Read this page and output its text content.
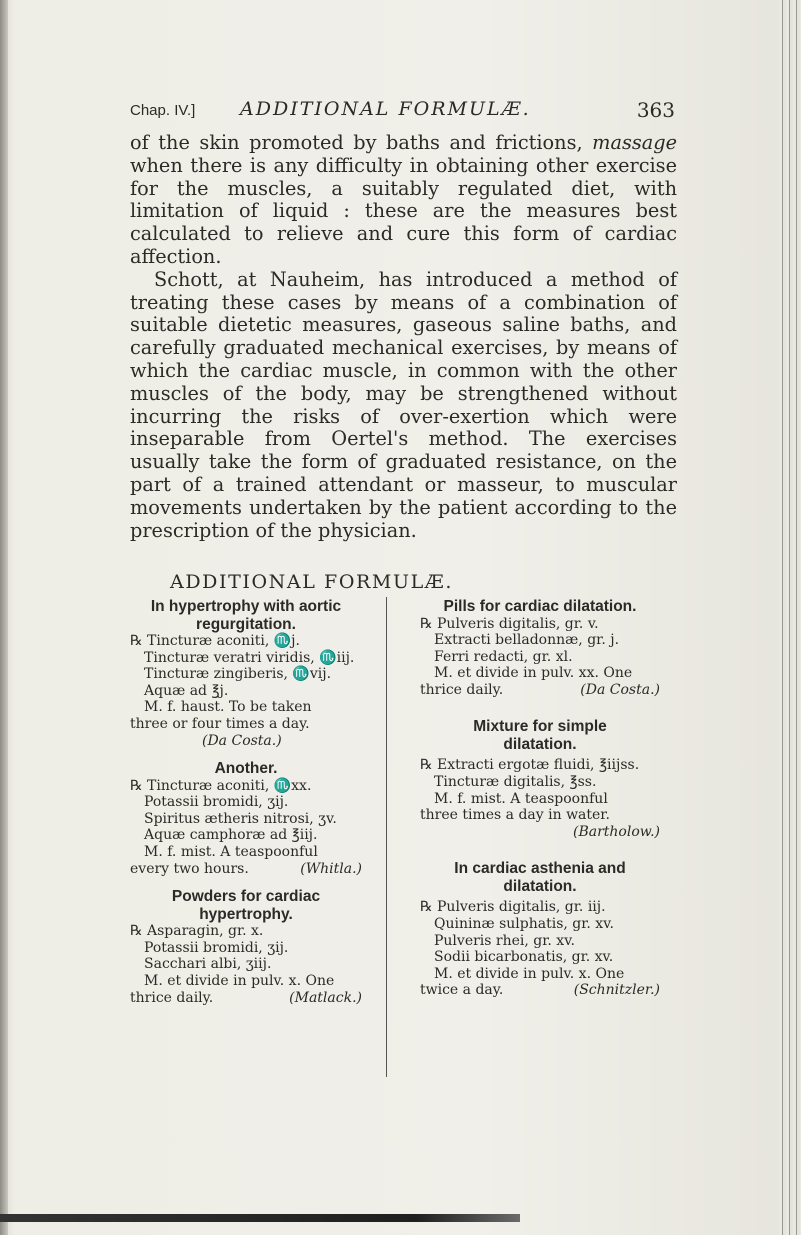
Chap. IV.] ADDITIONAL FORMULÆ.	363

of the skin promoted by baths and frictions, massage when there is any difficulty in obtaining other exercise for the muscles, a suitably regulated diet, with limitation of liquid : these are the measures best calculated to relieve and cure this form of cardiac affection.

Schott, at Nauheim, has introduced a method of treating these cases by means of a combination of suitable dietetic measures, gaseous saline baths, and carefully graduated mechanical exercises, by means of which the cardiac muscle, in common with the other muscles of the body, may be strengthened without incurring the risks of over-exertion which were inseparable from Oertel's method. The exercises usually take the form of graduated resistance, on the part of a trained attendant or masseur, to muscular movements undertaken by the patient according to the prescription of the physician.

ADDITIONAL FORMULÆ.

In hypertrophy with aortic

regurgitation.

℞ Tincturæ aconiti, ♏j.

Tincturæ veratri viridis, ♏iij.

Tincturæ zingiberis, ♏vij.

Aquæ ad ℥j.

M. f. haust. To be taken

three or four times a day.

(Da Costa.)

Another.

℞ Tincturæ aconiti, ♏xx.

Potassii bromidi, ʒij.

Spiritus ætheris nitrosi, ʒv.

Aquæ camphoræ ad ℥iij.

M. f. mist. A teaspoonful

every two hours.	(Whitla.)

Powders for cardiac

hypertrophy.

℞ Asparagin, gr. x.

Potassii bromidi, ʒij.

Sacchari albi, ʒiij.

M. et divide in pulv. x. One

thrice daily.	(Matlack.)

Pills for cardiac dilatation.

℞ Pulveris digitalis, gr. v.

Extracti belladonnæ, gr. j.

Ferri redacti, gr. xl.

M. et divide in pulv. xx. One

thrice daily.	(Da Costa.)

Mixture for simple

dilatation.

℞ Extracti ergotæ fluidi, ℥iijss.

Tincturæ digitalis, ℥ss.

M. f. mist. A teaspoonful

three times a day in water.

(Bartholow.)

In cardiac asthenia and

dilatation.

℞ Pulveris digitalis, gr. iij.

Quininæ sulphatis, gr. xv.

Pulveris rhei, gr. xv.

Sodii bicarbonatis, gr. xv.

M. et divide in pulv. x. One

twice a day.	(Schnitzler.)
